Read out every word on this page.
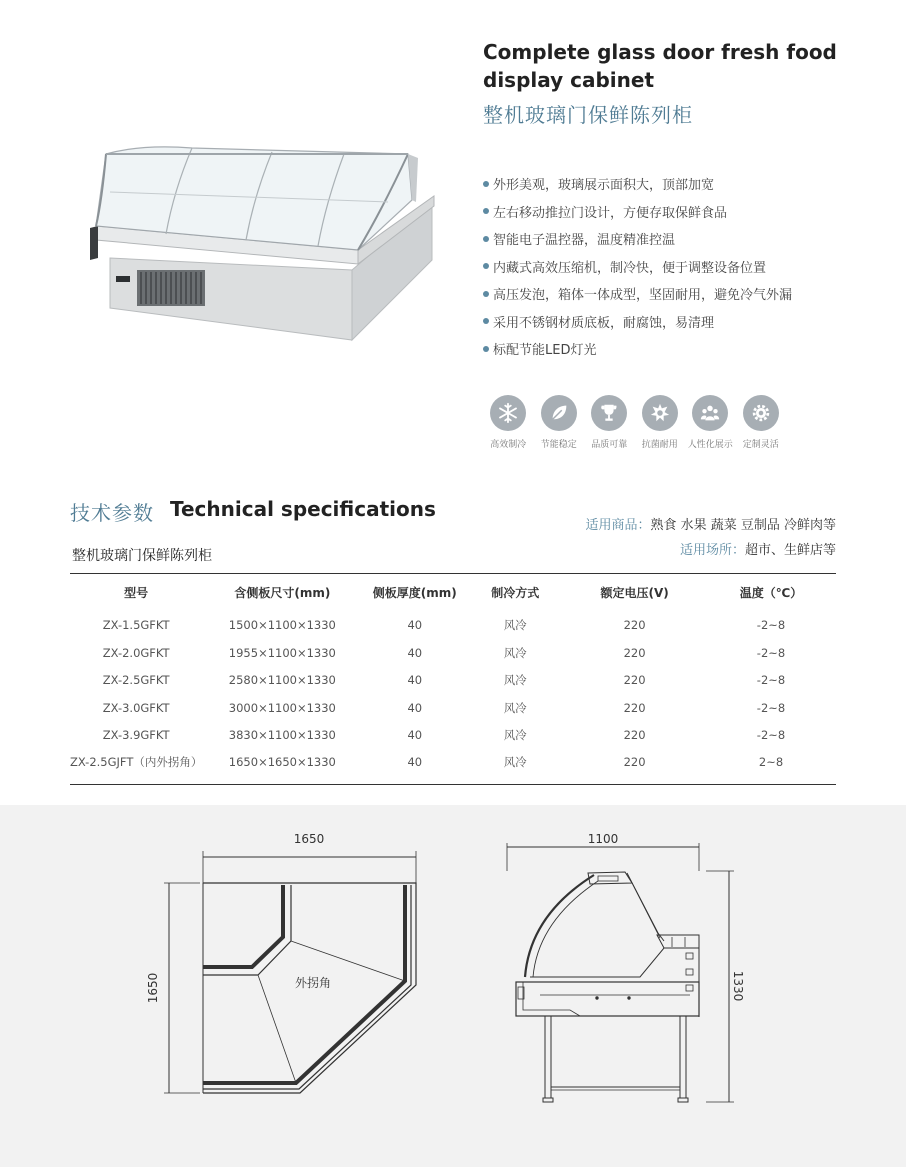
Complete glass door fresh food display cabinet
整机玻璃门保鲜陈列柜
外形美观，玻璃展示面积大，顶部加宽
左右移动推拉门设计，方便存取保鲜食品
智能电子温控器，温度精准控温
内藏式高效压缩机，制冷快，便于调整设备位置
高压发泡，箱体一体成型，坚固耐用，避免冷气外漏
采用不锈钢材质底板，耐腐蚀，易清理
标配节能LED灯光
高效制冷 节能稳定 品质可靠 抗菌耐用 人性化展示 定制灵活
技术参数 Technical specifications
整机玻璃门保鲜陈列柜
适用商品：熟食 水果 蔬菜 豆制品 冷鲜肉等
适用场所：超市、生鲜店等
型号	含侧板尺寸(mm)	侧板厚度(mm)	制冷方式	额定电压(V)	温度（℃）
ZX-1.5GFKT	1500×1100×1330	40	风冷	220	-2~8
ZX-2.0GFKT	1955×1100×1330	40	风冷	220	-2~8
ZX-2.5GFKT	2580×1100×1330	40	风冷	220	-2~8
ZX-3.0GFKT	3000×1100×1330	40	风冷	220	-2~8
ZX-3.9GFKT	3830×1100×1330	40	风冷	220	-2~8
ZX-2.5GJFT（内外拐角）	1650×1650×1330	40	风冷	220	2~8
1650
1650	外拐角
1100
1330
